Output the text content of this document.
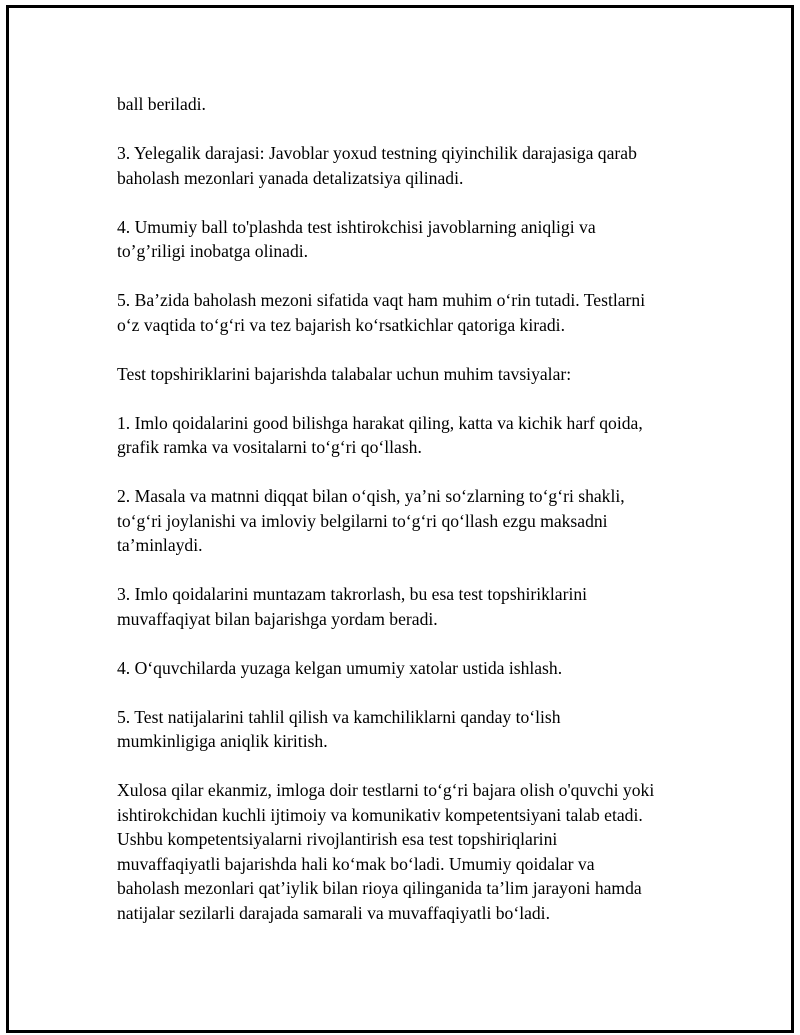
ball beriladi.

3. Yelegalik darajasi: Javoblar yoxud testning qiyinchilik darajasiga qarab
baholash mezonlari yanada detalizatsiya qilinadi.

4. Umumiy ball to'plashda test ishtirokchisi javoblarning aniqligi va
to’g’riligi inobatga olinadi.

5. Ba’zida baholash mezoni sifatida vaqt ham muhim o‘rin tutadi. Testlarni
o‘z vaqtida to‘g‘ri va tez bajarish ko‘rsatkichlar qatoriga kiradi.

Test topshiriklarini bajarishda talabalar uchun muhim tavsiyalar:

1. Imlo qoidalarini good bilishga harakat qiling, katta va kichik harf qoida,
grafik ramka va vositalarni to‘g‘ri qo‘llash.

2. Masala va matnni diqqat bilan o‘qish, ya’ni so‘zlarning to‘g‘ri shakli,
to‘g‘ri joylanishi va imloviy belgilarni to‘g‘ri qo‘llash ezgu maksadni
ta’minlaydi.

3. Imlo qoidalarini muntazam takrorlash, bu esa test topshiriklarini
muvaffaqiyat bilan bajarishga yordam beradi.

4. O‘quvchilarda yuzaga kelgan umumiy xatolar ustida ishlash.

5. Test natijalarini tahlil qilish va kamchiliklarni qanday to‘lish
mumkinligiga aniqlik kiritish.

Xulosa qilar ekanmiz, imloga doir testlarni to‘g‘ri bajara olish o'quvchi yoki
ishtirokchidan kuchli ijtimoiy va komunikativ kompetentsiyani talab etadi.
Ushbu kompetentsiyalarni rivojlantirish esa test topshiriqlarini
muvaffaqiyatli bajarishda hali ko‘mak bo‘ladi. Umumiy qoidalar va
baholash mezonlari qat’iylik bilan rioya qilinganida ta’lim jarayoni hamda
natijalar sezilarli darajada samarali va muvaffaqiyatli bo‘ladi.
